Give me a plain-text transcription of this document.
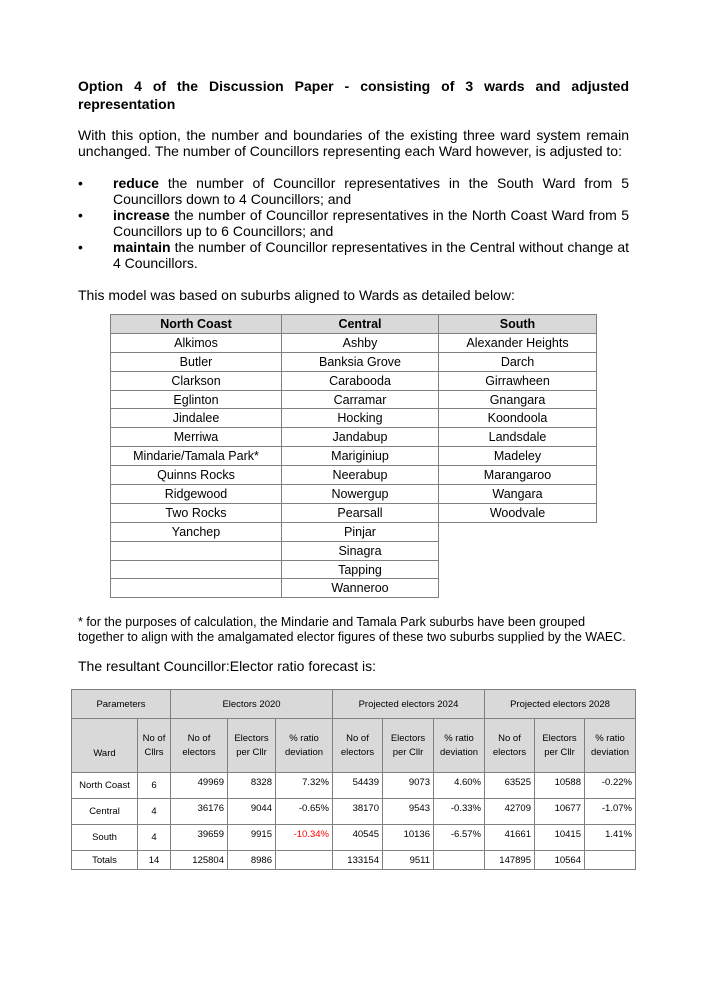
Option 4 of the Discussion Paper - consisting of 3 wards and adjusted representation

With this option, the number and boundaries of the existing three ward system remain unchanged. The number of Councillors representing each Ward however, is adjusted to:

• reduce the number of Councillor representatives in the South Ward from 5 Councillors down to 4 Councillors; and
• increase the number of Councillor representatives in the North Coast Ward from 5 Councillors up to 6 Councillors; and
• maintain the number of Councillor representatives in the Central without change at 4 Councillors.

This model was based on suburbs aligned to Wards as detailed below:

North Coast	Central	South
Alkimos	Ashby	Alexander Heights
Butler	Banksia Grove	Darch
Clarkson	Carabooda	Girrawheen
Eglinton	Carramar	Gnangara
Jindalee	Hocking	Koondoola
Merriwa	Jandabup	Landsdale
Mindarie/Tamala Park*	Mariginiup	Madeley
Quinns Rocks	Neerabup	Marangaroo
Ridgewood	Nowergup	Wangara
Two Rocks	Pearsall	Woodvale
Yanchep	Pinjar	
	Sinagra	
	Tapping	
	Wanneroo	

* for the purposes of calculation, the Mindarie and Tamala Park suburbs have been grouped together to align with the amalgamated elector figures of these two suburbs supplied by the WAEC.

The resultant Councillor:Elector ratio forecast is:

Parameters		Electors 2020			Projected electors 2024			Projected electors 2028		
Ward	No of Cllrs	No of electors	Electors per Cllr	% ratio deviation	No of electors	Electors per Cllr	% ratio deviation	No of electors	Electors per Cllr	% ratio deviation
North Coast	6	49969	8328	7.32%	54439	9073	4.60%	63525	10588	-0.22%
Central	4	36176	9044	-0.65%	38170	9543	-0.33%	42709	10677	-1.07%
South	4	39659	9915	-10.34%	40545	10136	-6.57%	41661	10415	1.41%
Totals	14	125804	8986		133154	9511		147895	10564	
